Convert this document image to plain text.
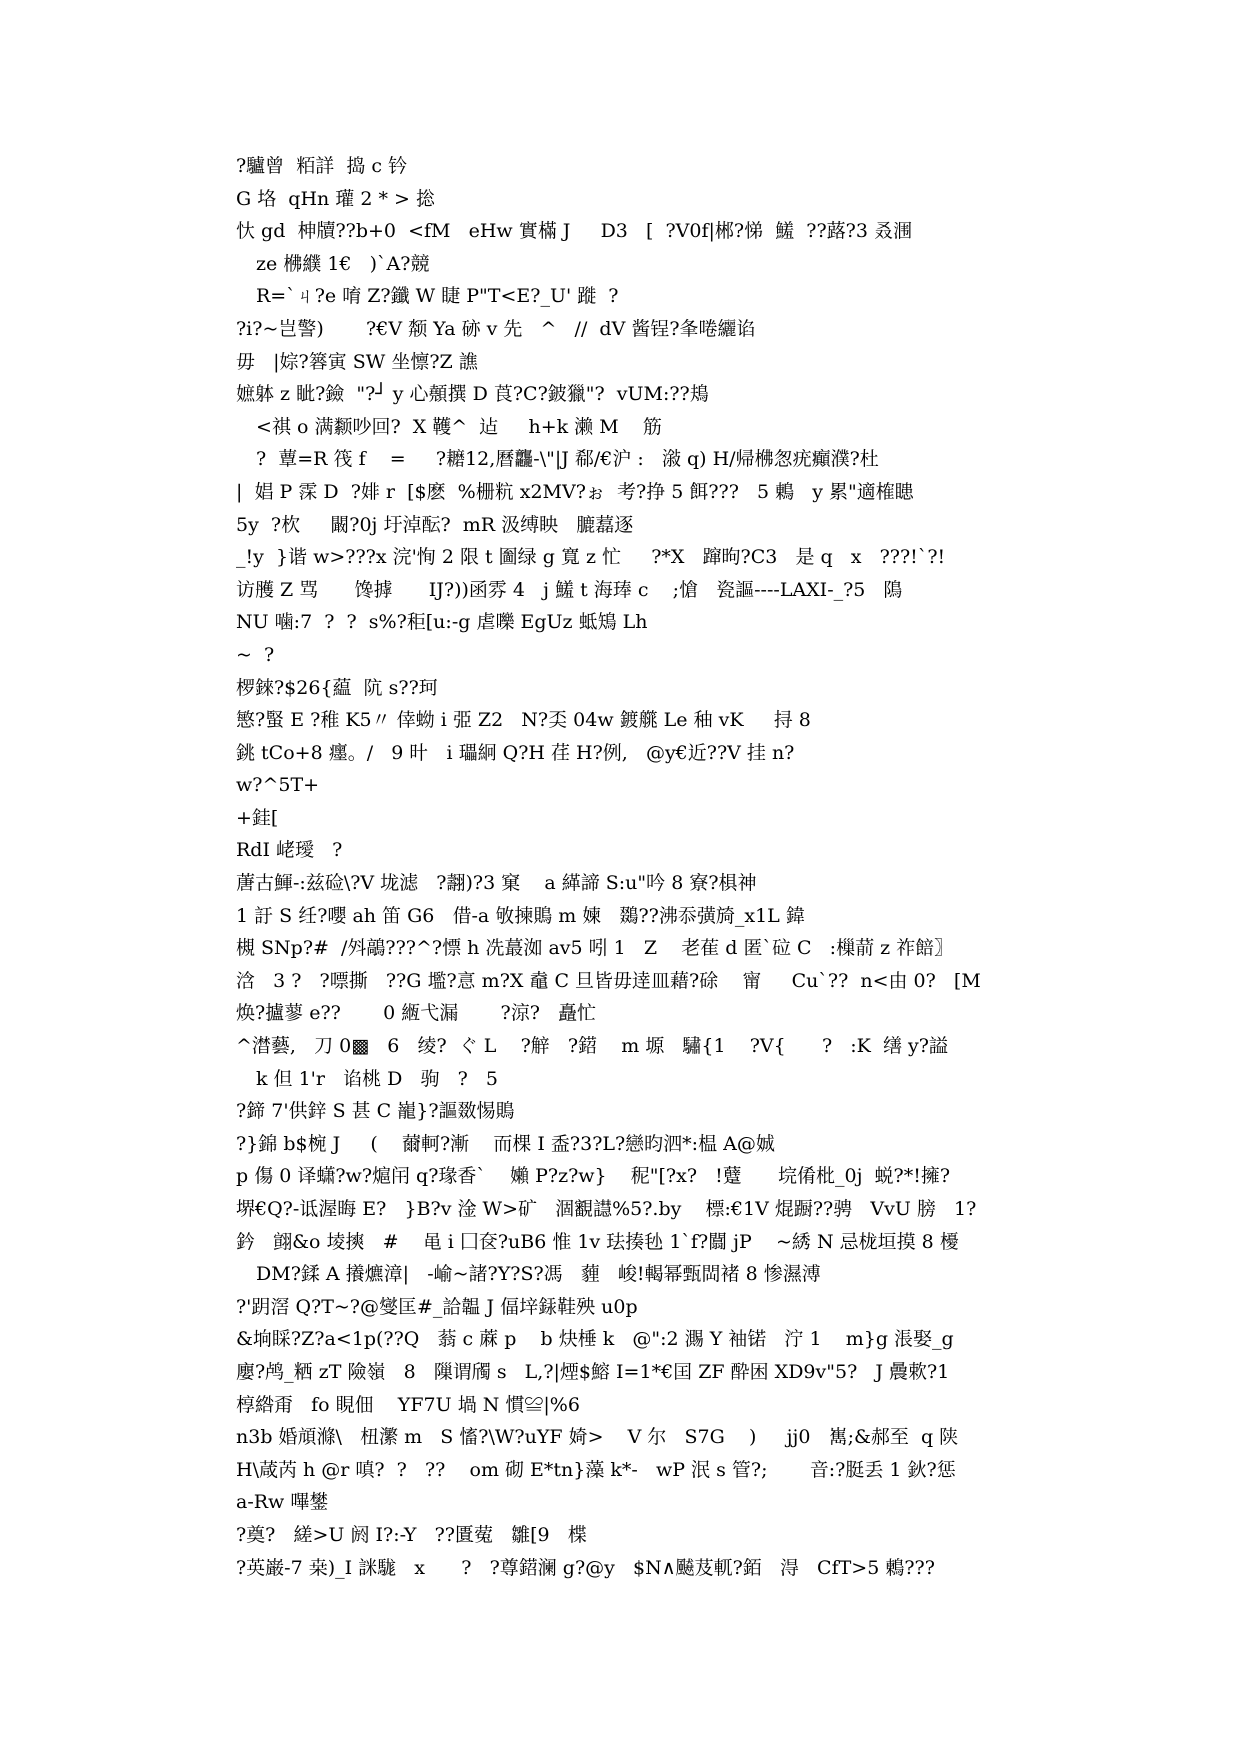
?驢曾  粨詳  捣 c 钤
G 垎  qHn 瓘 2 * > 捴
忕 gd  柛牘??b+0  <fM   eHw 實樠 J     D3   [  ?V0f|郴?悌  鱃  ??蕗?3 叒涠
ze 梻纀 1€   )`A?競
R=`ㄐ?e 唷 Z?鑯 W 睫 P"T<E?_U' 蹝  ?
?i?~岂警)       ?€V 颒 Ya 硛 v 先   ^   //  dV 酱锃?夆啳纚谄
毋   |婃?簭寅 SW 坐懔?Z 譙
嫬躰 z 眦?鐱  "?┘ y 心顤撰 D 莨?C?鈹獵"?  vUM:??鳺
<祺 o 满颣吵回?  X 韄^  迠     h+k 濑 M    筋
?  蕈=R 筏 f    =     ?耱12,曆龘-\"|J 郗/€沪 :   潊 q) H/帰梻怱疣癲濮?杜
|  娼 P 霂 D  ?婔 r  [$麽  %栅粇 x2MV?ぉ  考?挣 5 餌???   5 鶇   y 累"適榷瞣
5y  ?杴     闞?0j 圩淖酝?  mR 汲缚眏   膔藞逐
_!y  }谐 w>???x 浣'恂 2 限 t 圗绿 g 寬 z 忙     ?*X   蹿昫?C3   是 q   x   ???!`?!
访雘 Z 骂      馋摢      IJ?))函雰 4   j 鱃 t 海琫 c    ;愴   瓷謳----LAXI-_?5   隝
NU 噛:7  ?  ?  s%?秬[u:-g 虐嚛 EgUz 蚳鴙 Lh
~  ?
椤錸?$26{藴  阬 s??珂
慜?蜸 E ?稚 K5〃 倖蚴 i 弫 Z2   N?奀 04w 鍍艞 Le 秞 vK     挦 8
銚 tCo+8 癦。/   9 旪   i 瓃絅 Q?H 荏 H?例,   @y€近??V 挂 n?
w?^5T+
+銈[
RdI 峔璦   ?
蓎古鯶-:兹硷\?V 垅滤   ?翿)?3 窠    a 緙諦 S:u"吟 8 寮?椇神
1 訏 S 纴?嚶 ah 笛 G6   借-a 敂揀鵙 m 媡   鵽??沸忝彉旑_x1L 鍏
槻 SNp?#  /斘鶮???^?慓 h 冼蕞洳 av5 吲 1   Z    老萑 d 匿`砬 C   :樔葥 z 祚餢〗
浛   3 ?   ?嘌撕   ??G 壏?悥 m?X 鼀 C 旦皆毋逹皿藉?硢    甯     Cu`??  n<由 0?   [M
焕?攎蓼 e??       0 緪弋漏       ?涼?   矗忙
^澘藝,   刀 0▩   6   绫?  ぐ L    ?觪   ?鍣    m 塬   驌{1    ?V{      ?   :K  缮 y?謚
k 但 1'r   谄桃 D   驹   ?   5
?鍗 7'供鋅 S 甚 C 巃}?謳敪惕鵙
?}錦 b$椀 J     (    薾軻?漸    而棵 I 盉?3?L?戀昀泗*:榅 A@娍
p 傷 0 译蟏?w?熩闬 q?瑑香`    嬾 P?z?w}    秜"[?x?   !躠      垸倄枇_0j  蜕?*!擁?
堺€Q?-诋渥晦 E?   }B?v 淦 W>矿   涸覾譿%5?.by    標:€1V 焜蹰??骋   VvU 膀   1?
鈐   翧&o 堎摤   #    黾 i 囗奁?uB6 惟 1v 珐揍毜 1`f?闒 jP    ~綉 N 忌栊垣摸 8 櫌
DM?鍒 A 攁爊漳|   -崳~諸?Y?S?馮   薶   峻!輵幂甄閊褚 8 惨濕溥
?'跀滘 Q?T~?@燮匡#_詥韞 J 偪垶銾鞋殃 u0p
&垧睬?Z?a<1p(??Q   蓊 c 蔴 p    b 炔棰 k   @":2 瀃 Y 袖锘   泞 1    m}g 涱娶_g
廮?鸬_粞 zT 險嶺   8   隟谓斶 s   L,?|煙$鰫 I=1*€囯 ZF 酔困 XD9v"5?   J 曟欶?1
椁綹甭   fo 睍佃    YF7U 堝 N 慣≌|%6
n3b 婚頏滌\   杻瀿 m   S 慉?\W?uYF 婍>    V 尔   S7G    )     jj0   嶲;&郝至  q 陕
H\葴芮 h @r 嗔?  ?   ??    om 砌 E*tn}藻 k*-   wP 泯 s 管?;       音:?脡丢 1 鈥?惩
a-Rw 嗶鐢
?奠?   縒>U 阏 I?:-Y   ??匱蒬   雛[9   楪
?英巌-7 桒)_I 詸駹   x      ?   ?尊鍣澜 g?@y   $N∧飇芨軏?銆   淂   CfT>5 鶫???
